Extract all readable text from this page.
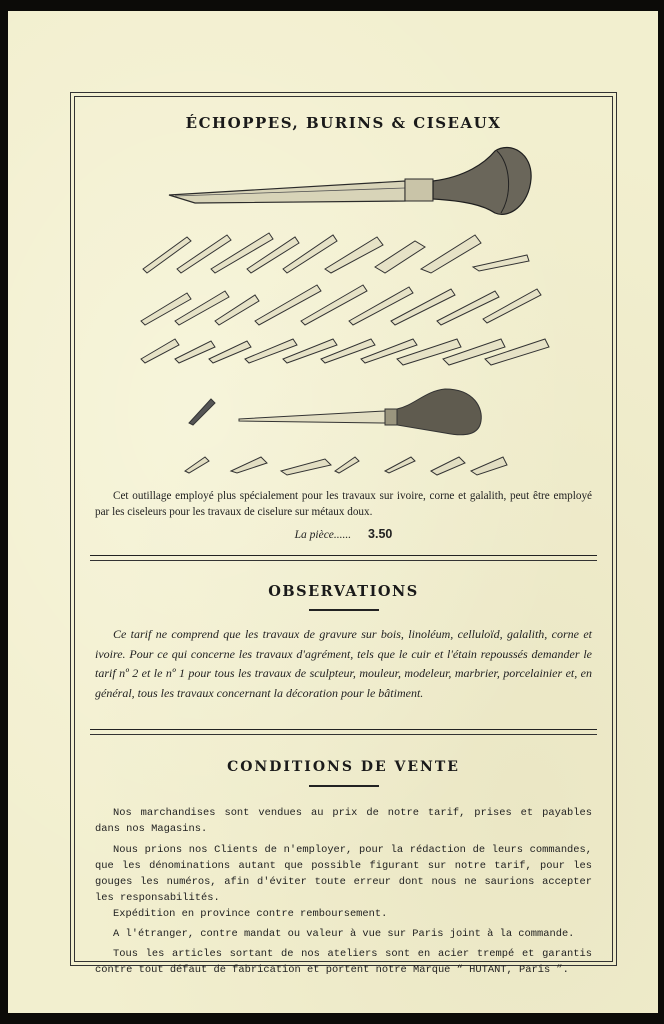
ÉCHOPPES, BURINS & CISEAUX

Cet outillage employé plus spécialement pour les travaux sur ivoire, corne et galalith, peut être employé par les ciseleurs pour les travaux de ciselure sur métaux doux.

La pièce...... 3.50
OBSERVATIONS

Ce tarif ne comprend que les travaux de gravure sur bois, linoléum, celluloïd, galalith, corne et ivoire. Pour ce qui concerne les travaux d'agrément, tels que le cuir et l'étain repoussés demander le tarif nº 2 et le nº 1 pour tous les travaux de sculpteur, mouleur, modeleur, marbrier, porcelainier et, en général, tous les travaux concernant la décoration pour le bâtiment.

CONDITIONS DE VENTE

Nos marchandises sont vendues au prix de notre tarif, prises et payables dans nos Magasins.

Nous prions nos Clients de n'employer, pour la rédaction de leurs commandes, que les dénominations autant que possible figurant sur notre tarif, pour les gouges les numéros, afin d'éviter toute erreur dont nous ne saurions accepter les responsabilités.

Expédition en province contre remboursement.

A l'étranger, contre mandat ou valeur à vue sur Paris joint à la commande.

Tous les articles sortant de nos ateliers sont en acier trempé et garantis contre tout défaut de fabrication et portent notre Marque “ HUTANT, Paris ”.
